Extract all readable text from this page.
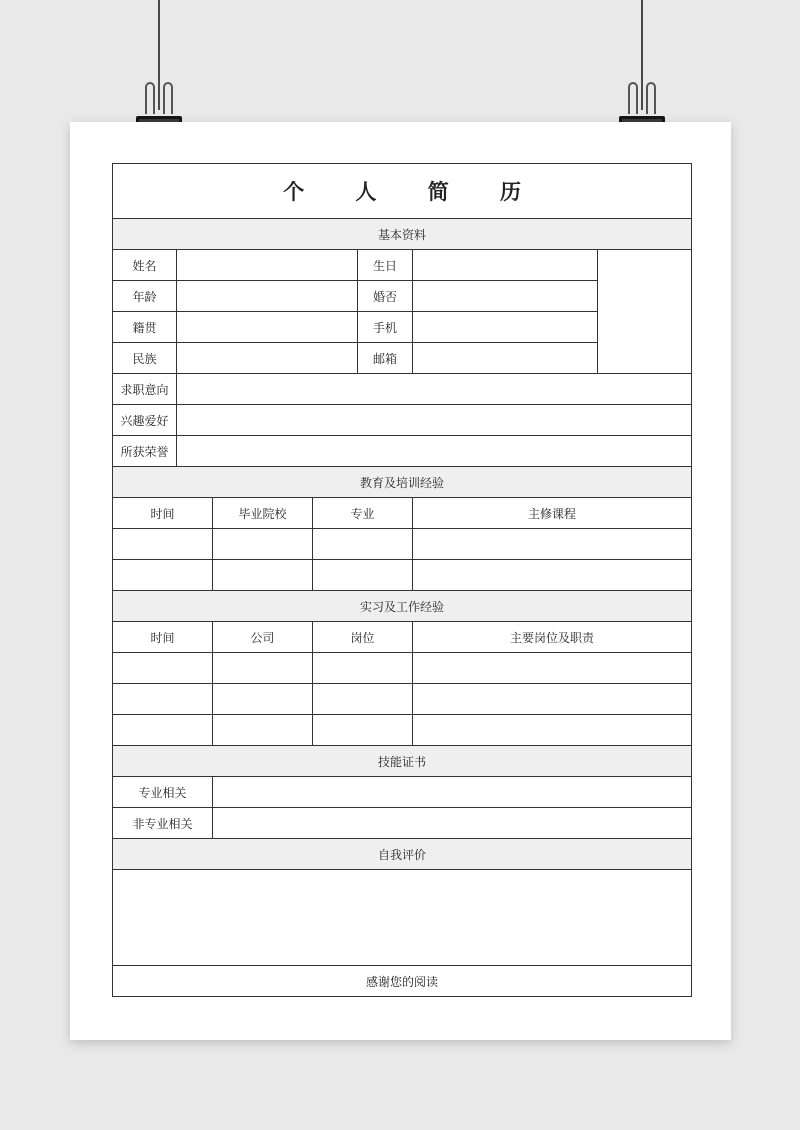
个 人 简 历						
基本资料						
姓名				生日		
年龄				婚否		
籍贯				手机		
民族				邮箱		
求职意向						
兴趣爱好						
所获荣誉						
教育及培训经验						
时间		毕业院校	专业		主修课程	

实习及工作经验						
时间		公司	岗位		主要岗位及职责	

技能证书						
专业相关						
非专业相关						
自我评价						

感谢您的阅读						
